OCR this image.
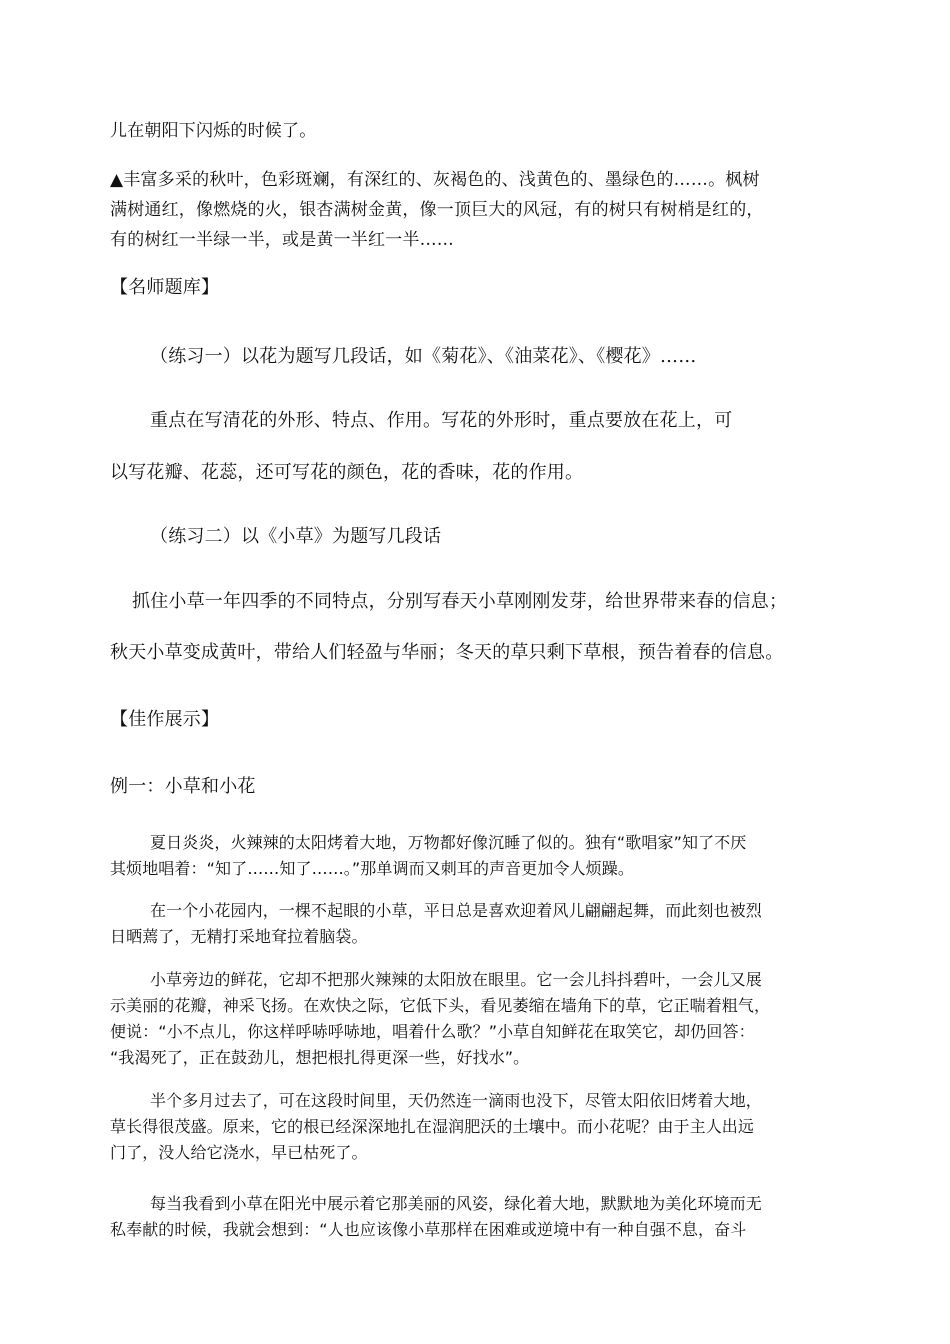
儿在朝阳下闪烁的时候了。
▲丰富多采的秋叶，色彩斑斓，有深红的、灰褐色的、浅黄色的、墨绿色的……。枫树
满树通红，像燃烧的火，银杏满树金黄，像一顶巨大的风冠，有的树只有树梢是红的，
有的树红一半绿一半，或是黄一半红一半……
【名师题库】
（练习一）以花为题写几段话，如《菊花》、《油菜花》、《樱花》……
重点在写清花的外形、特点、作用。写花的外形时，重点要放在花上，可
以写花瓣、花蕊，还可写花的颜色，花的香味，花的作用。
（练习二）以《小草》为题写几段话
抓住小草一年四季的不同特点，分别写春天小草刚刚发芽，给世界带来春的信息；
秋天小草变成黄叶，带给人们轻盈与华丽；冬天的草只剩下草根，预告着春的信息。
【佳作展示】
例一：小草和小花
夏日炎炎，火辣辣的太阳烤着大地，万物都好像沉睡了似的。独有“歌唱家”知了不厌
其烦地唱着：“知了……知了……。”那单调而又刺耳的声音更加令人烦躁。
在一个小花园内，一棵不起眼的小草，平日总是喜欢迎着风儿翩翩起舞，而此刻也被烈
日晒蔫了，无精打采地耷拉着脑袋。
小草旁边的鲜花，它却不把那火辣辣的太阳放在眼里。它一会儿抖抖碧叶，一会儿又展
示美丽的花瓣，神采飞扬。在欢快之际，它低下头，看见萎缩在墙角下的草，它正喘着粗气，
便说：“小不点儿，你这样呼哧呼哧地，唱着什么歌？”小草自知鲜花在取笑它，却仍回答：
“我渴死了，正在鼓劲儿，想把根扎得更深一些，好找水”。
半个多月过去了，可在这段时间里，天仍然连一滴雨也没下，尽管太阳依旧烤着大地，
草长得很茂盛。原来，它的根已经深深地扎在湿润肥沃的土壤中。而小花呢？由于主人出远
门了，没人给它浇水，早已枯死了。
每当我看到小草在阳光中展示着它那美丽的风姿，绿化着大地，默默地为美化环境而无
私奉献的时候，我就会想到：“人也应该像小草那样在困难或逆境中有一种自强不息，奋斗
